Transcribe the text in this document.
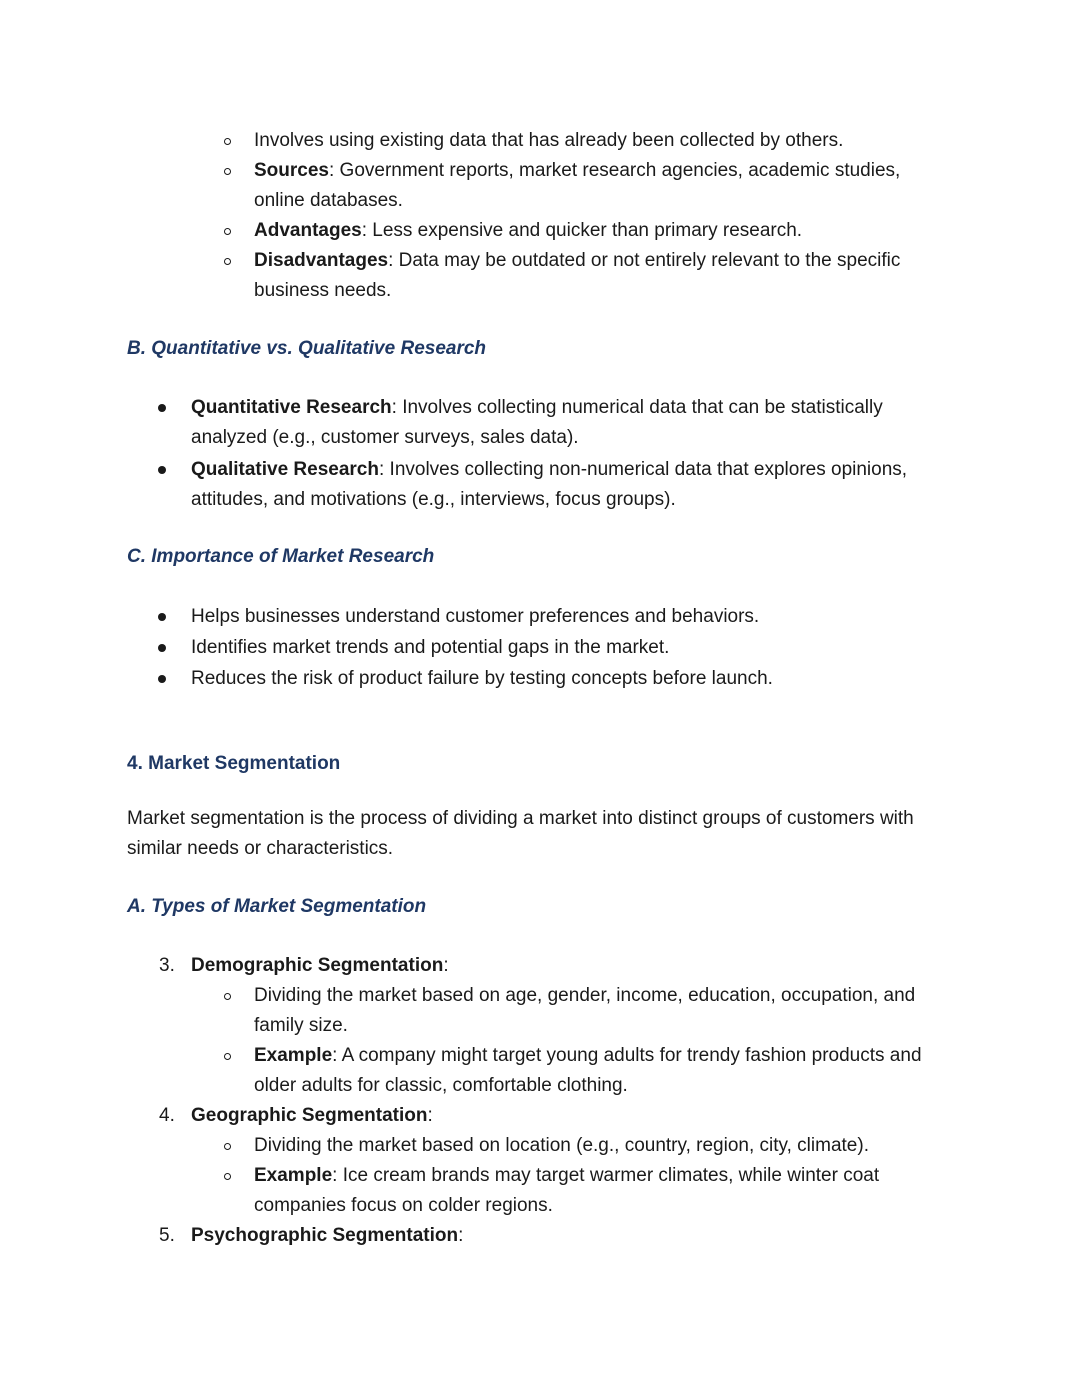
Involves using existing data that has already been collected by others.
Sources: Government reports, market research agencies, academic studies,
online databases.
Advantages: Less expensive and quicker than primary research.
Disadvantages: Data may be outdated or not entirely relevant to the specific
business needs.
B. Quantitative vs. Qualitative Research
Quantitative Research: Involves collecting numerical data that can be statistically
analyzed (e.g., customer surveys, sales data).
Qualitative Research: Involves collecting non-numerical data that explores opinions,
attitudes, and motivations (e.g., interviews, focus groups).
C. Importance of Market Research
Helps businesses understand customer preferences and behaviors.
Identifies market trends and potential gaps in the market.
Reduces the risk of product failure by testing concepts before launch.
4. Market Segmentation
Market segmentation is the process of dividing a market into distinct groups of customers with
similar needs or characteristics.
A. Types of Market Segmentation
3. Demographic Segmentation:
Dividing the market based on age, gender, income, education, occupation, and
family size.
Example: A company might target young adults for trendy fashion products and
older adults for classic, comfortable clothing.
4. Geographic Segmentation:
Dividing the market based on location (e.g., country, region, city, climate).
Example: Ice cream brands may target warmer climates, while winter coat
companies focus on colder regions.
5. Psychographic Segmentation:
